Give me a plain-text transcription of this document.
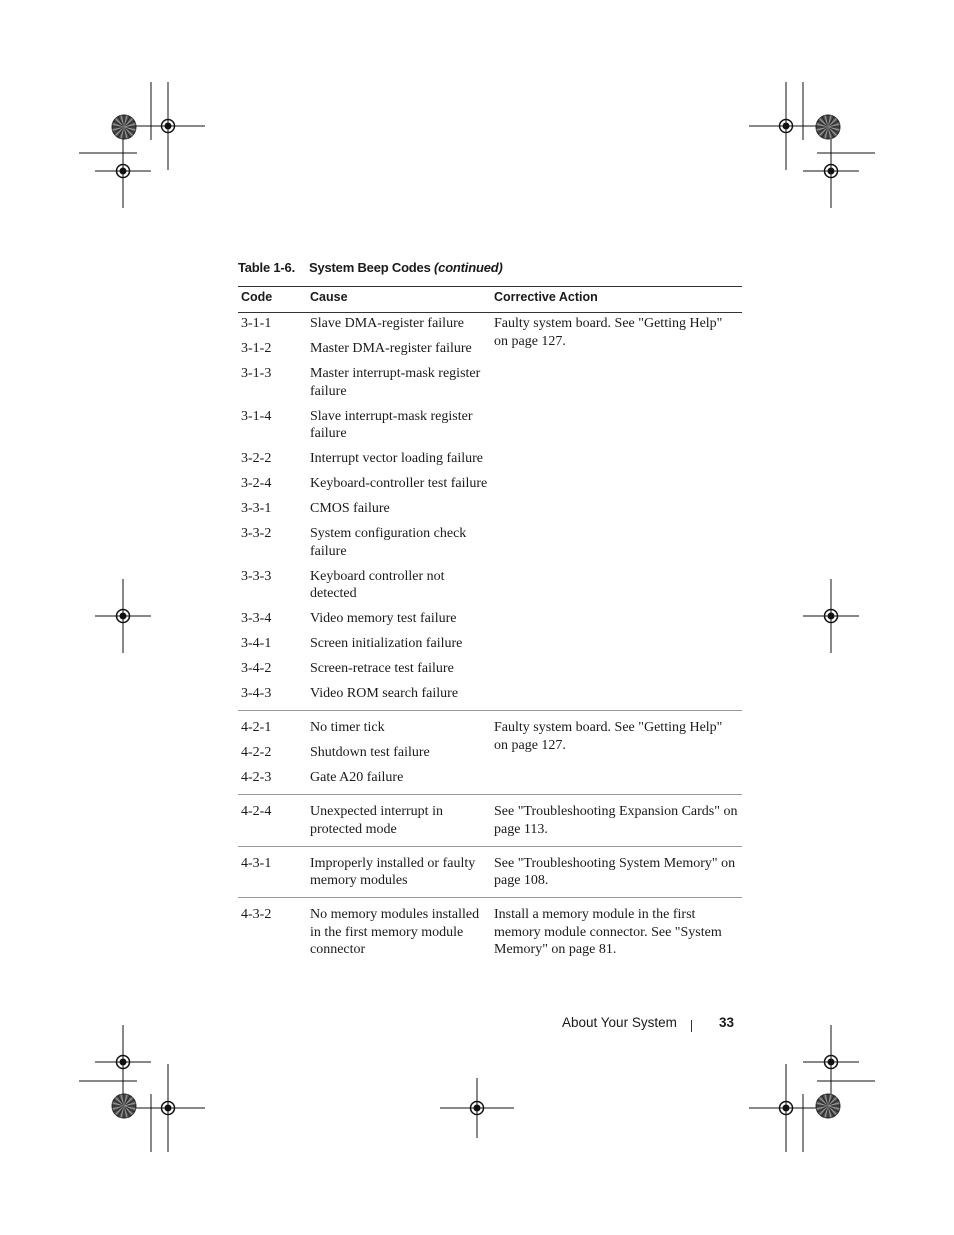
Table 1-6. System Beep Codes (continued)
Code	Cause	Corrective Action
3-1-1	Slave DMA-register failure	Faulty system board. See "Getting Help" on page 127.
3-1-2	Master DMA-register failure	
3-1-3	Master interrupt-mask register failure	
3-1-4	Slave interrupt-mask register failure	
3-2-2	Interrupt vector loading failure	
3-2-4	Keyboard-controller test failure	
3-3-1	CMOS failure	
3-3-2	System configuration check failure	
3-3-3	Keyboard controller not detected	
3-3-4	Video memory test failure	
3-4-1	Screen initialization failure	
3-4-2	Screen-retrace test failure	
3-4-3	Video ROM search failure	
4-2-1	No timer tick	Faulty system board. See "Getting Help" on page 127.
4-2-2	Shutdown test failure	
4-2-3	Gate A20 failure	
4-2-4	Unexpected interrupt in protected mode	See "Troubleshooting Expansion Cards" on page 113.
4-3-1	Improperly installed or faulty memory modules	See "Troubleshooting System Memory" on page 108.
4-3-2	No memory modules installed in the first memory module connector	Install a memory module in the first memory module connector. See "System Memory" on page 81.
About Your System	33
